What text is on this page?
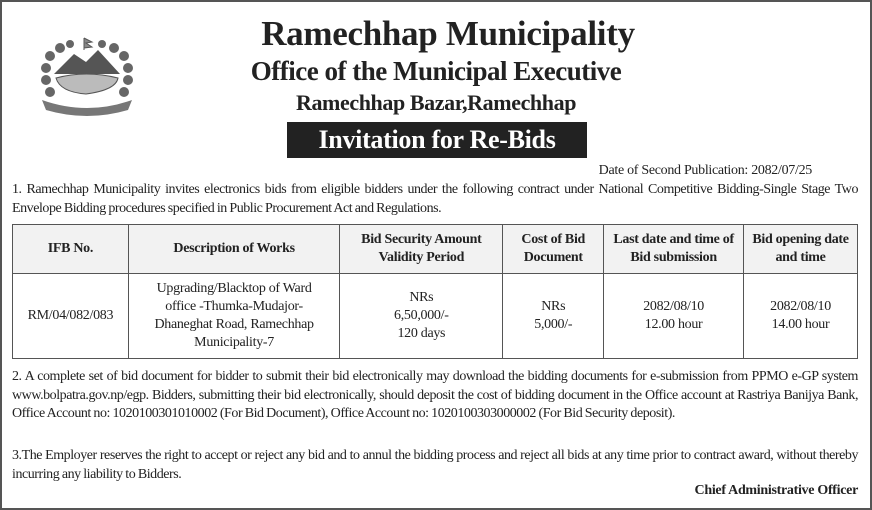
Ramechhap Municipality
Office of the Municipal Executive
Ramechhap Bazar,Ramechhap
Invitation for Re-Bids
Date of Second Publication: 2082/07/25
1. Ramechhap Municipality invites electronics bids from eligible bidders under the following contract under National Competitive Bidding-Single Stage Two Envelope Bidding procedures specified in Public Procurement Act and Regulations.
IFB No.	Description of Works	Bid Security Amount Validity Period	Cost of Bid Document	Last date and time of Bid submission	Bid opening date and time
RM/04/082/083	Upgrading/Blacktop of Ward office -Thumka-Mudajor-Dhaneghat Road, Ramechhap Municipality-7	NRs 6,50,000/- 120 days	NRs 5,000/-	2082/08/10 12.00 hour	2082/08/10 14.00 hour
2. A complete set of bid document for bidder to submit their bid electronically may download the bidding documents for e-submission from PPMO e-GP system www.bolpatra.gov.np/egp. Bidders, submitting their bid electronically, should deposit the cost of bidding document in the Office account at Rastriya Banijya Bank, Office Account no: 1020100301010002 (For Bid Document), Office Account no: 1020100303000002 (For Bid Security deposit).
3.The Employer reserves the right to accept or reject any bid and to annul the bidding process and reject all bids at any time prior to contract award, without thereby incurring any liability to Bidders.
Chief Administrative Officer
